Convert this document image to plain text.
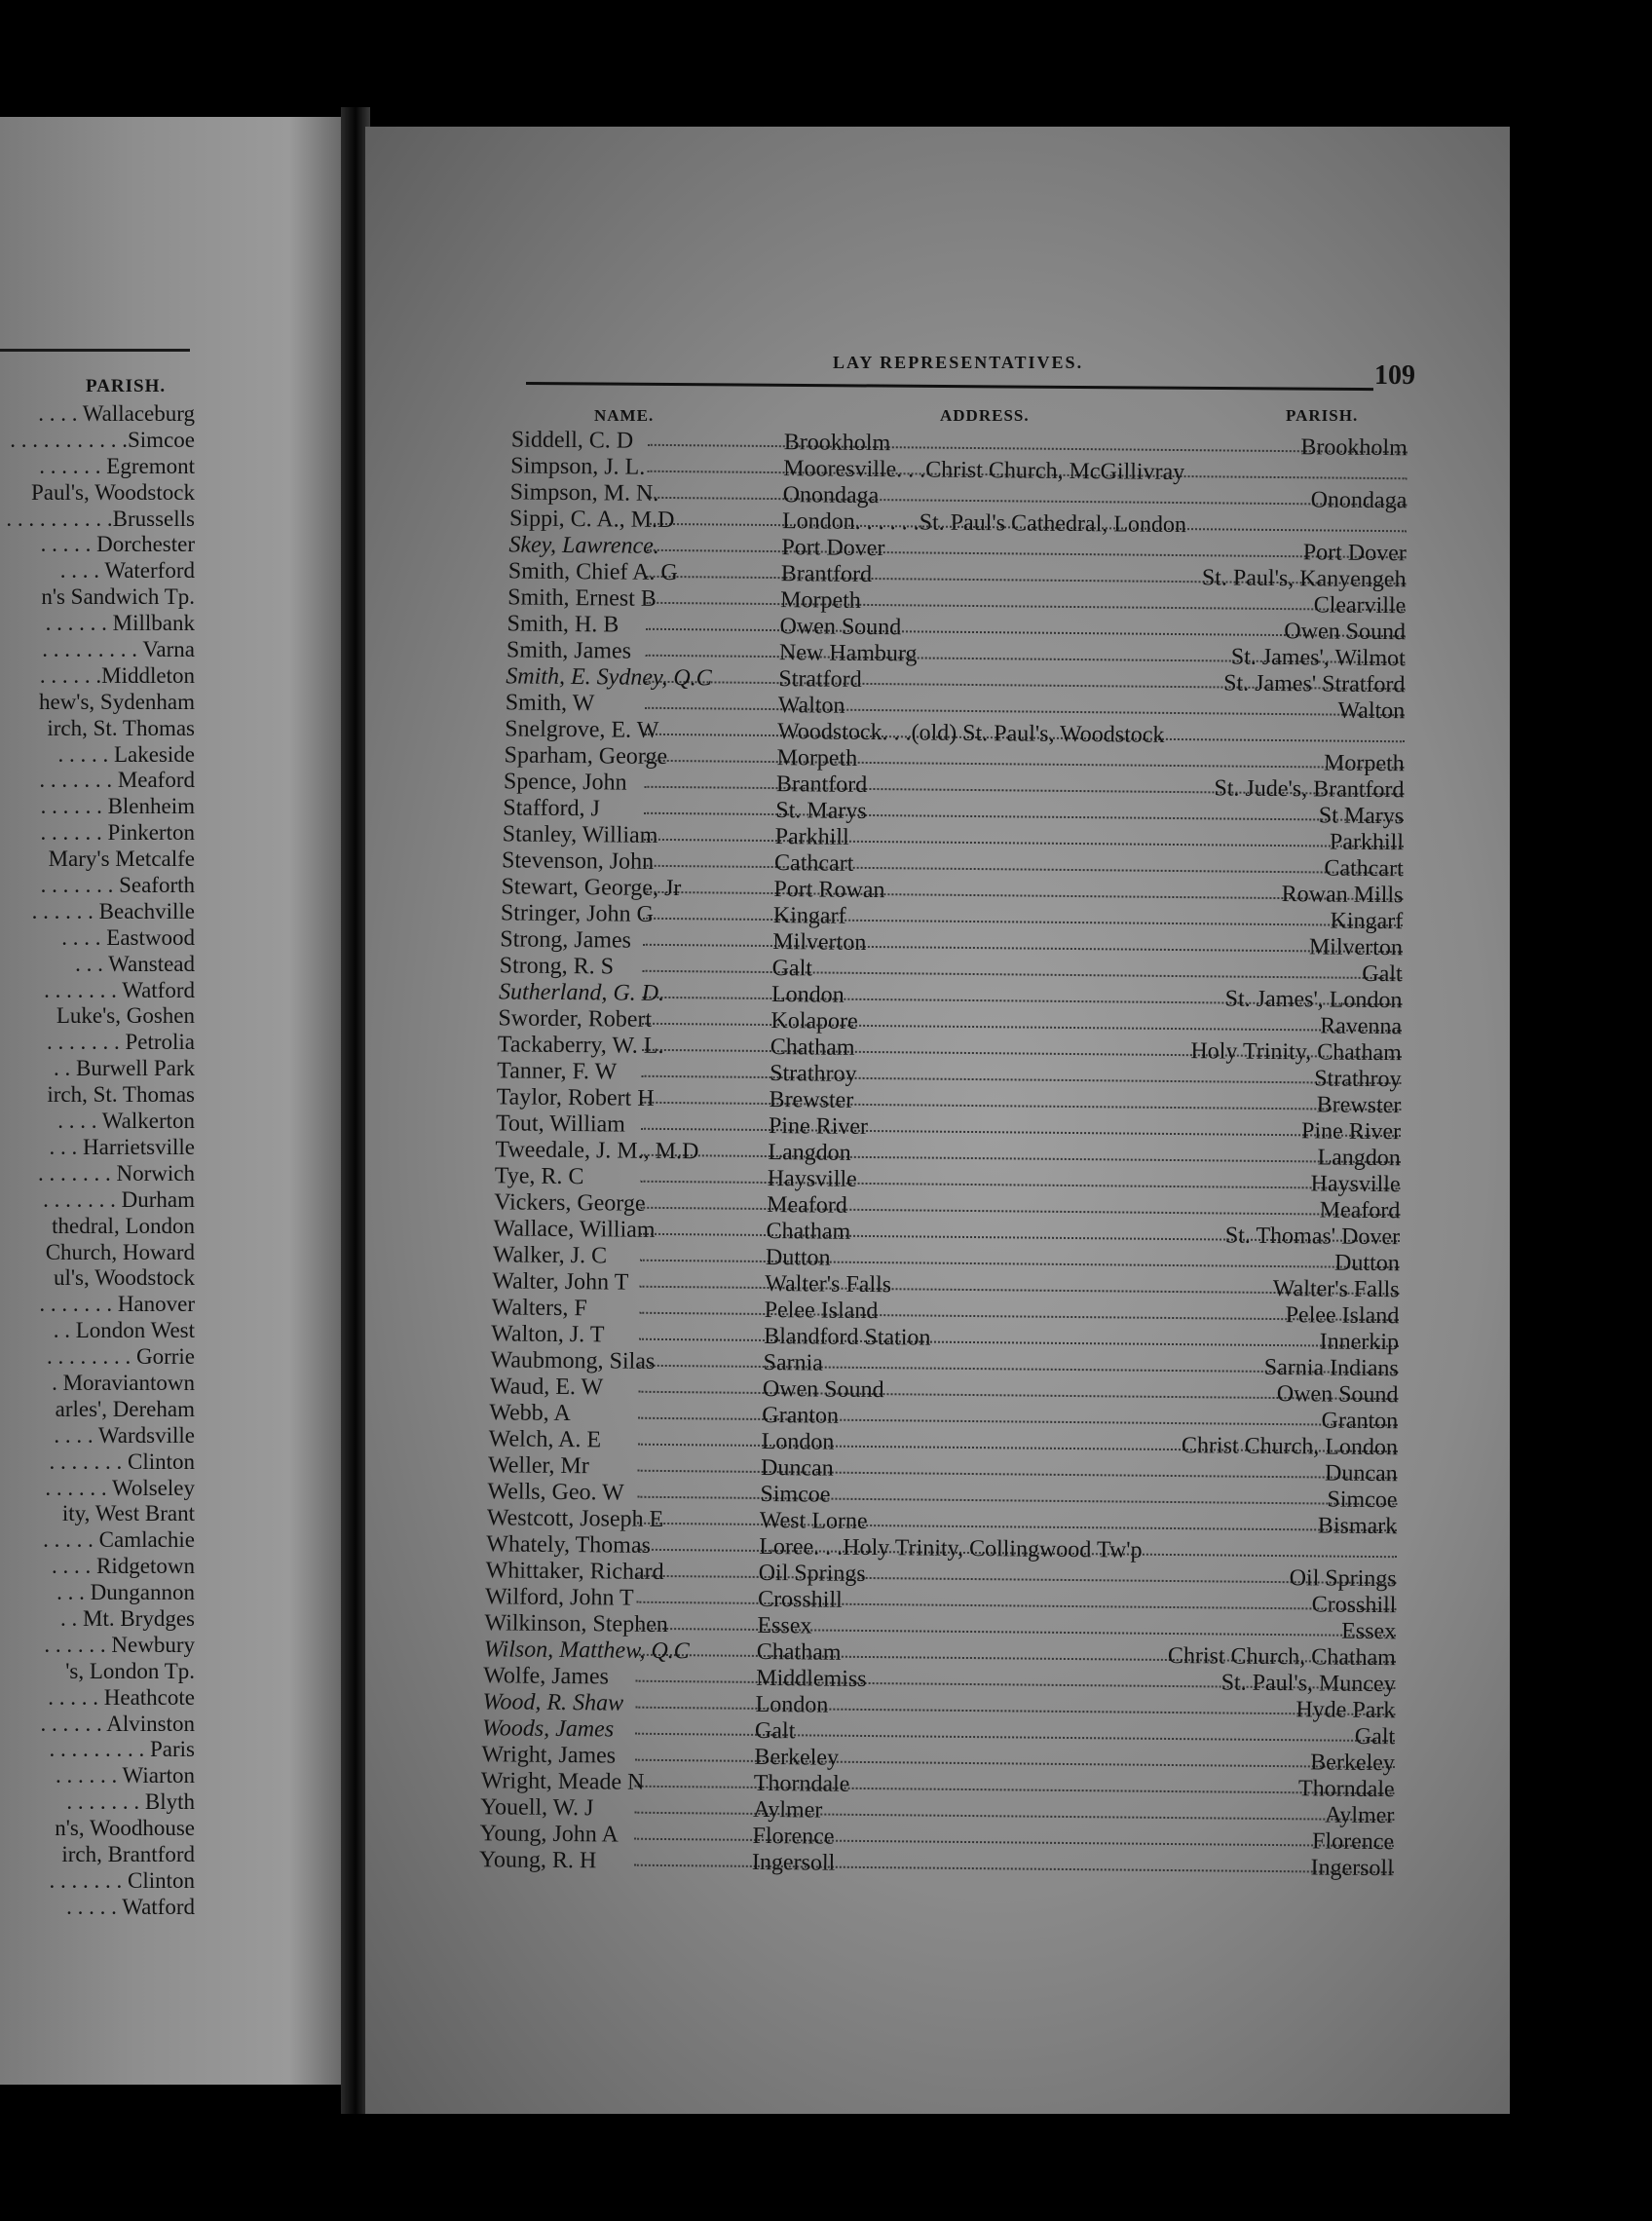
PARISH.
. . . . Wallaceburg
. . . . . . . . . . .Simcoe
. . . . . . Egremont
Paul's, Woodstock
. . . . . . . . . .Brussells
. . . . . Dorchester
. . . . Waterford
n's Sandwich Tp.
. . . . . . Millbank
. . . . . . . . . Varna
. . . . . .Middleton
hew's, Sydenham
irch, St. Thomas
. . . . . Lakeside
. . . . . . . Meaford
. . . . . . Blenheim
. . . . . . Pinkerton
Mary's Metcalfe
. . . . . . . Seaforth
. . . . . . Beachville
. . . . Eastwood
. . . Wanstead
. . . . . . . Watford
Luke's, Goshen
. . . . . . . Petrolia
. . Burwell Park
irch, St. Thomas
. . . . Walkerton
. . . Harrietsville
. . . . . . . Norwich
. . . . . . . Durham
thedral, London
Church, Howard
ul's, Woodstock
. . . . . . . Hanover
. . London West
. . . . . . . . Gorrie
. Moraviantown
arles', Dereham
. . . . Wardsville
. . . . . . . Clinton
. . . . . . Wolseley
ity, West Brant
. . . . . Camlachie
. . . . Ridgetown
. . . Dungannon
. . Mt. Brydges
. . . . . . Newbury
's, London Tp.
. . . . . Heathcote
. . . . . . Alvinston
. . . . . . . . . Paris
. . . . . . Wiarton
. . . . . . . Blyth
n's, Woodhouse
irch, Brantford
. . . . . . . Clinton
. . . . . Watford
LAY REPRESENTATIVES.	109
NAME.	ADDRESS.	PARISH.
Siddell, C. D	Brookholm	Brookholm
Simpson, J. L.	Mooresville. . .Christ Church, McGillivray
Simpson, M. N.	Onondaga	Onondaga
Sippi, C. A., M.D	London. . . . . .St. Paul's Cathedral, London
Skey, Lawrence.	Port Dover	Port Dover
Smith, Chief A. G	Brantford	St. Paul's, Kanyengeh
Smith, Ernest B	Morpeth	Clearville
Smith, H. B	Owen Sound	Owen Sound
Smith, James	New Hamburg	St. James', Wilmot
Smith, E. Sydney, Q.C	Stratford	St. James' Stratford
Smith, W	Walton	Walton
Snelgrove, E. W	Woodstock. . .(old) St. Paul's, Woodstock
Sparham, George	Morpeth	Morpeth
Spence, John	Brantford	St. Jude's, Brantford
Stafford, J	St. Marys	St Marys
Stanley, William	Parkhill	Parkhill
Stevenson, John	Cathcart	Cathcart
Stewart, George, Jr	Port Rowan	Rowan Mills
Stringer, John G	Kingarf	Kingarf
Strong, James	Milverton	Milverton
Strong, R. S	Galt	Galt
Sutherland, G. D.	London	St. James', London
Sworder, Robert	Kolapore	Ravenna
Tackaberry, W. L.	Chatham	Holy Trinity, Chatham
Tanner, F. W	Strathroy	Strathroy
Taylor, Robert H	Brewster	Brewster
Tout, William	Pine River	Pine River
Tweedale, J. M., M.D	Langdon	Langdon
Tye, R. C	Haysville	Haysville
Vickers, George	Meaford	Meaford
Wallace, William	Chatham	St. Thomas' Dover
Walker, J. C	Dutton	Dutton
Walter, John T	Walter's Falls	Walter's Falls
Walters, F	Pelee Island	Pelee Island
Walton, J. T	Blandford Station	Innerkip
Waubmong, Silas	Sarnia	Sarnia Indians
Waud, E. W	Owen Sound	Owen Sound
Webb, A	Granton	Granton
Welch, A. E	London	Christ Church, London
Weller, Mr	Duncan	Duncan
Wells, Geo. W	Simcoe	Simcoe
Westcott, Joseph E	West Lorne	Bismark
Whately, Thomas	Loree. . .Holy Trinity, Collingwood Tw'p
Whittaker, Richard	Oil Springs	Oil Springs
Wilford, John T	Crosshill	Crosshill
Wilkinson, Stephen	Essex	Essex
Wilson, Matthew, Q.C	Chatham	Christ Church, Chatham
Wolfe, James	Middlemiss	St. Paul's, Muncey
Wood, R. Shaw	London	Hyde Park
Woods, James	Galt	Galt
Wright, James	Berkeley	Berkeley
Wright, Meade N	Thorndale	Thorndale
Youell, W. J	Aylmer	Aylmer
Young, John A	Florence	Florence
Young, R. H	Ingersoll	Ingersoll
